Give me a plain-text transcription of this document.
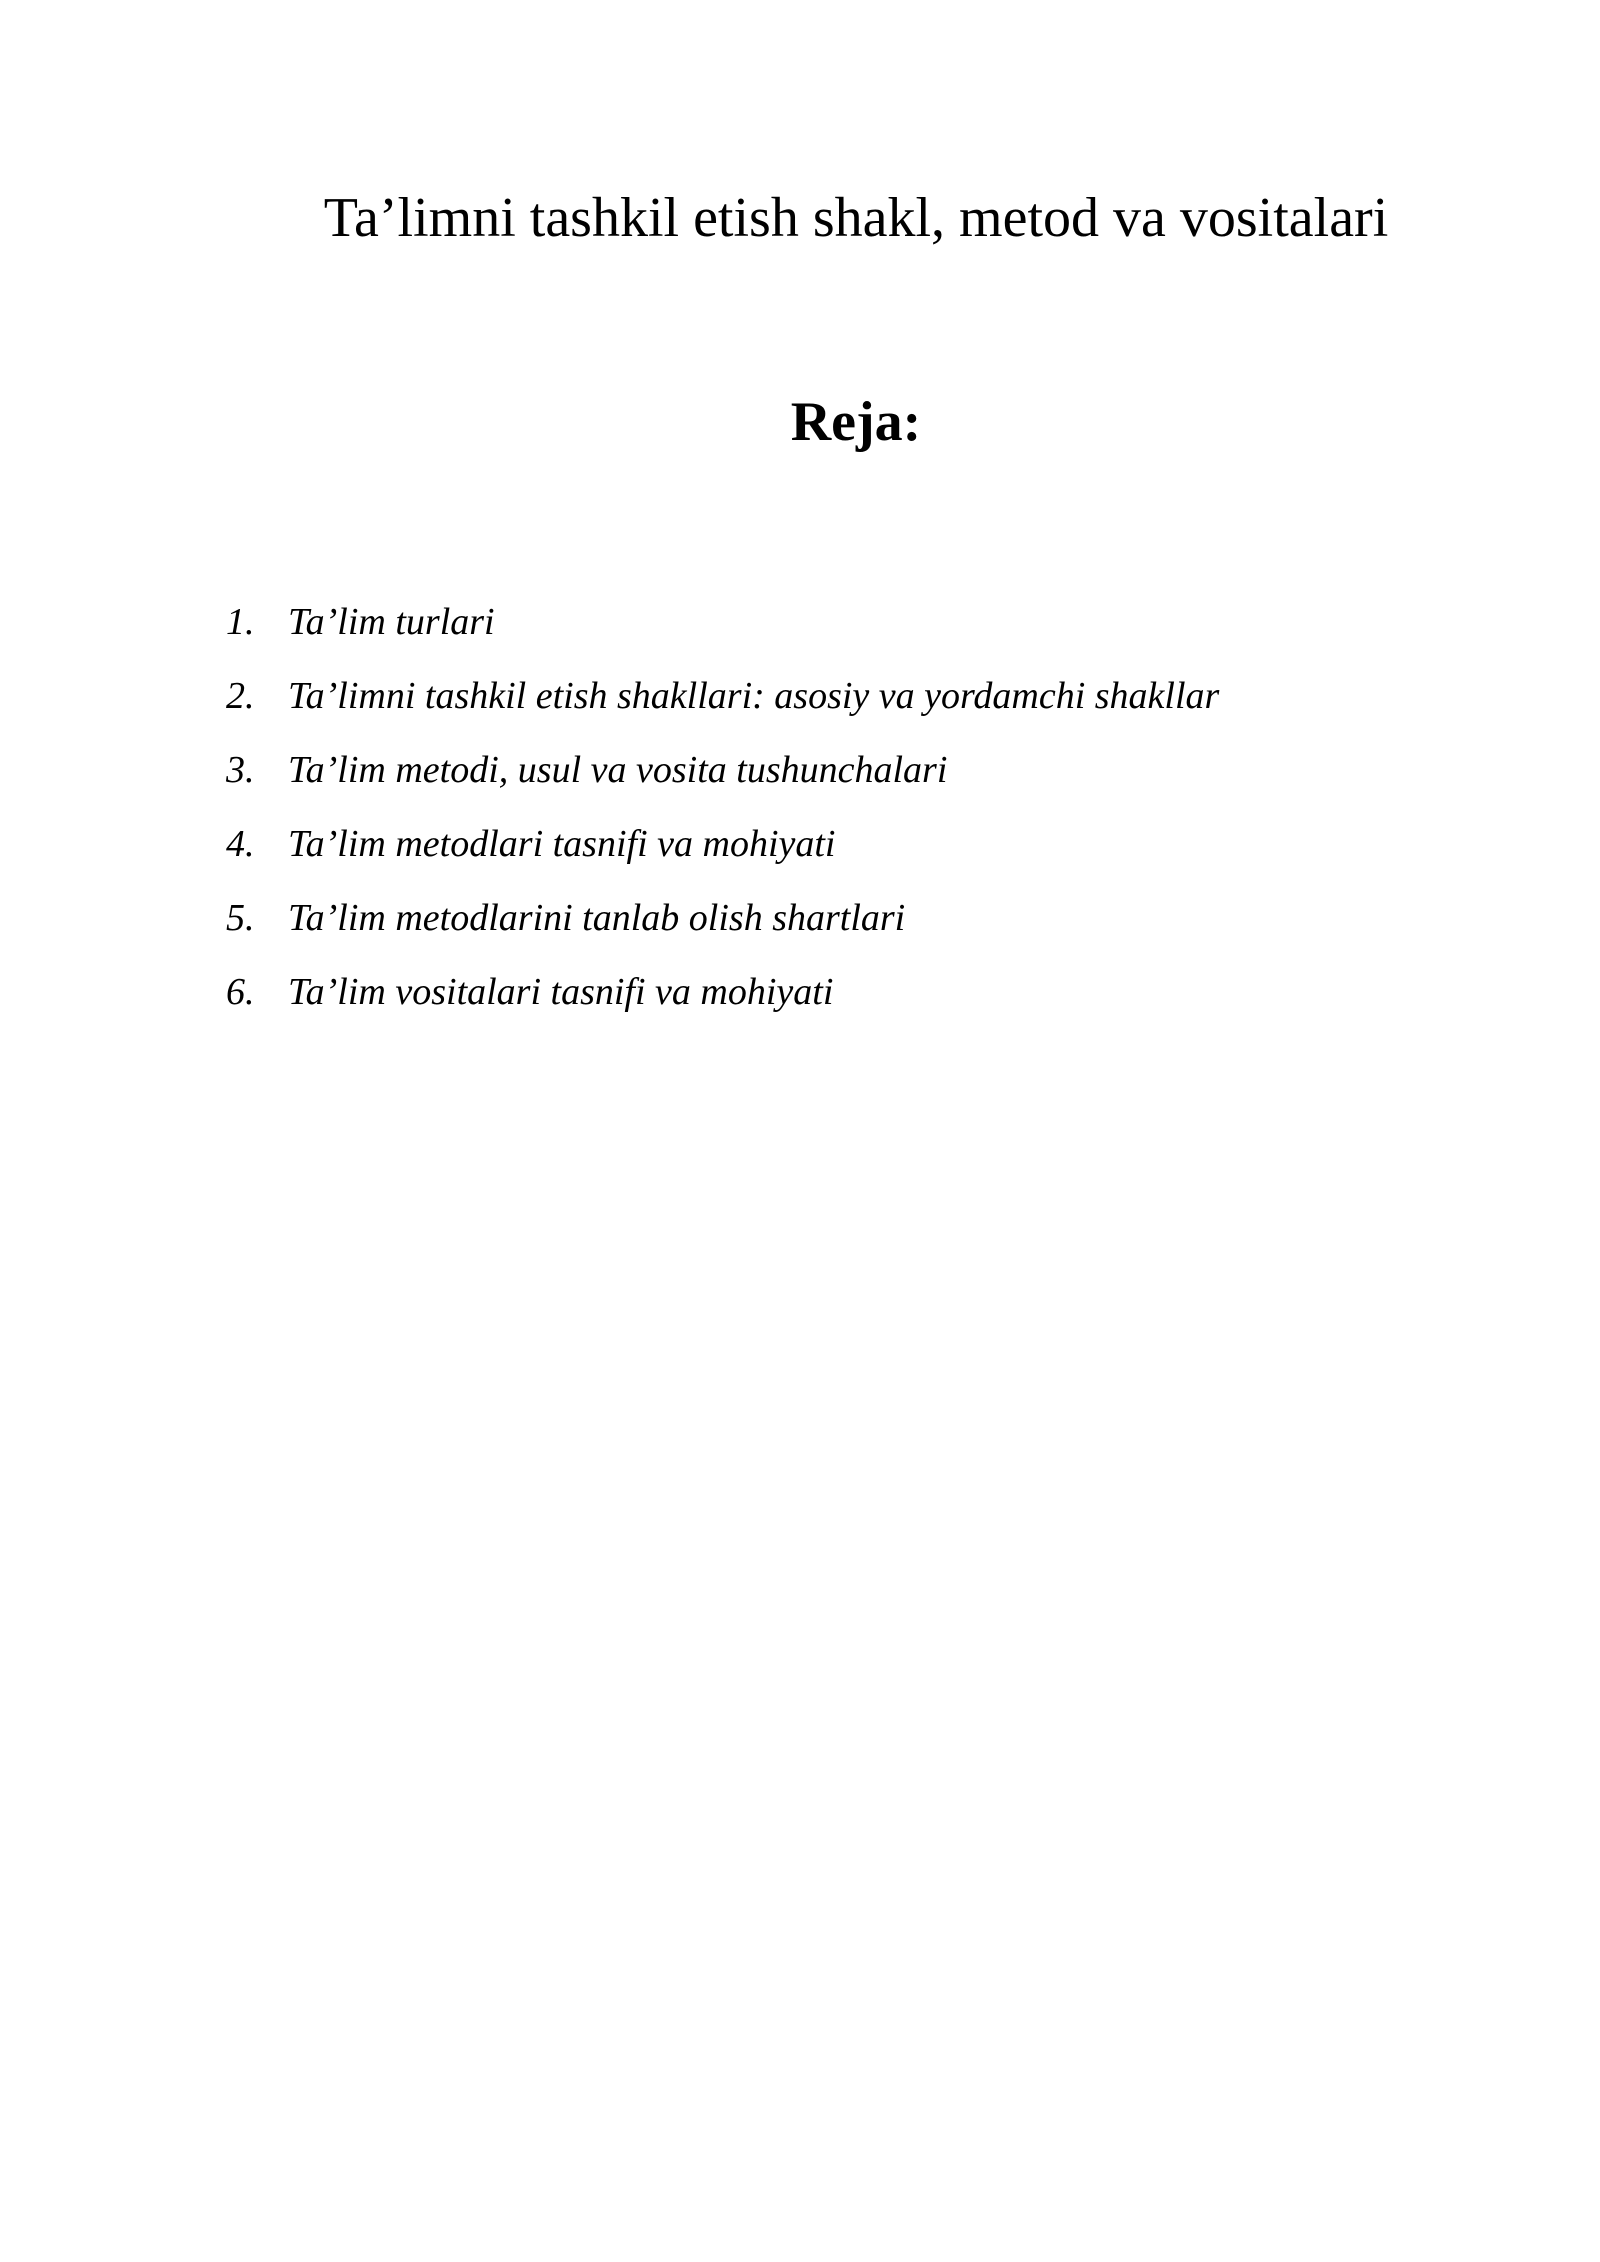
Ta’limni tashkil etish shakl, metod va vositalari
Reja:
1. Ta’lim turlari
2. Ta’limni tashkil etish shakllari: asosiy va yordamchi shakllar
3. Ta’lim metodi, usul va vosita tushunchalari
4. Ta’lim metodlari tasnifi va mohiyati
5. Ta’lim metodlarini tanlab olish shartlari
6. Ta’lim vositalari tasnifi va mohiyati
